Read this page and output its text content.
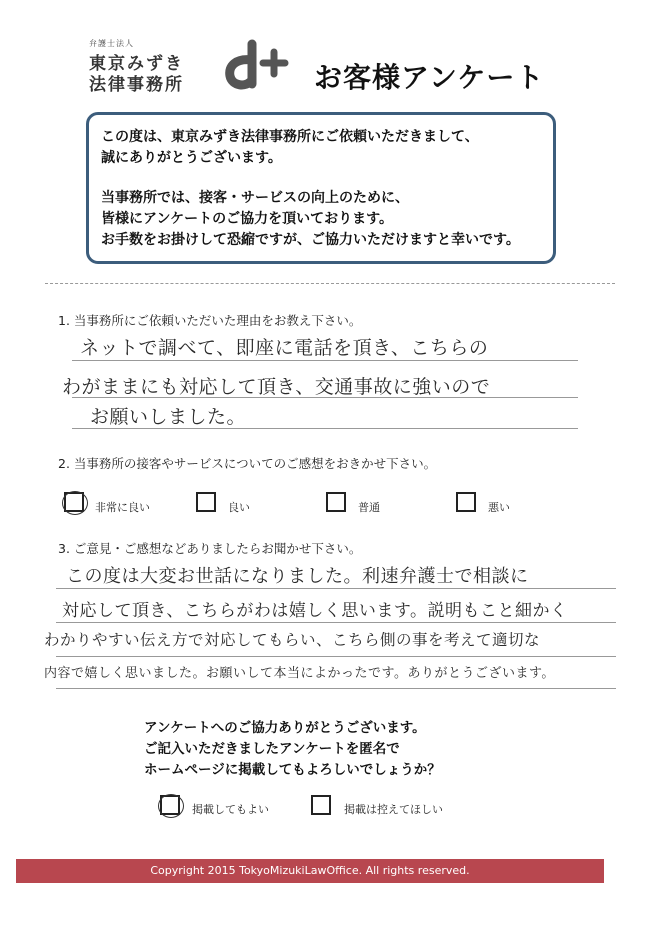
弁護士法人
東京みずき
法律事務所	お客様アンケート

この度は、東京みずき法律事務所にご依頼いただきまして、

誠にありがとうございます。

当事務所では、接客・サービスの向上のために、

皆様にアンケートのご協力を頂いております。

お手数をお掛けして恐縮ですが、ご協力いただけますと幸いです。

1. 当事務所にご依頼いただいた理由をお教え下さい。
ネットで調べて、即座に電話を頂き、こちらの
わがままにも対応して頂き、交通事故に強いので
お願いしました。
2. 当事務所の接客やサービスについてのご感想をおきかせ下さい。
非常に良い	良い	普通	悪い
3. ご意見・ご感想などありましたらお聞かせ下さい。
この度は大変お世話になりました。利速弁護士で相談に
対応して頂き、こちらがわは嬉しく思います。説明もこと細かく
わかりやすい伝え方で対応してもらい、こちら側の事を考えて適切な
内容で嬉しく思いました。お願いして本当によかったです。ありがとうございます。

アンケートへのご協力ありがとうございます。

ご記入いただきましたアンケートを匿名で

ホームページに掲載してもよろしいでしょうか？

掲載してもよい	掲載は控えてほしい
Copyright 2015 TokyoMizukiLawOffice. All rights reserved.
